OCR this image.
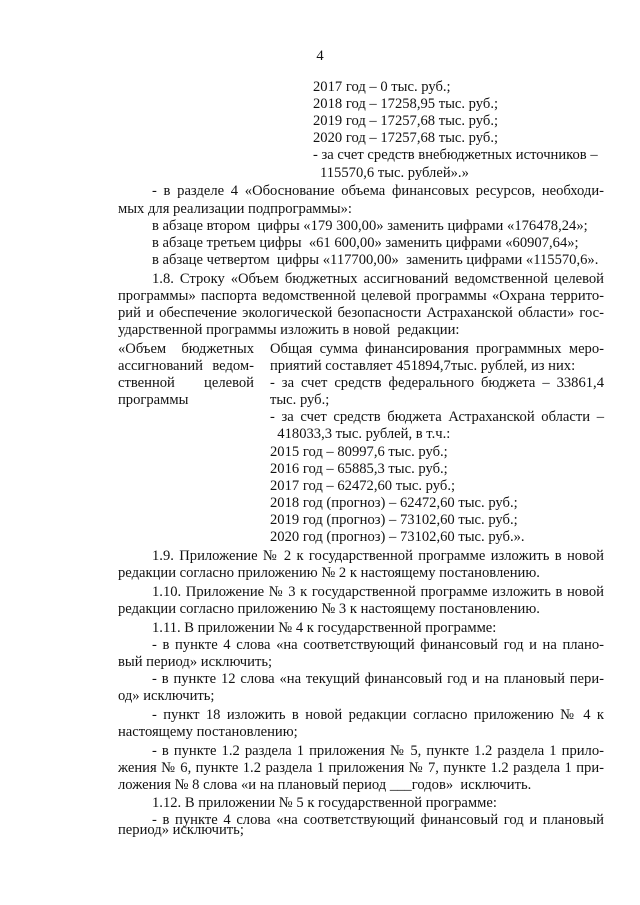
4
2017 год – 0 тыс. руб.;
2018 год – 17258,95 тыс. руб.;
2019 год – 17257,68 тыс. руб.;
2020 год – 17257,68 тыс. руб.;
- за счет средств внебюджетных источников –
115570,6 тыс. рублей».»
- в разделе 4 «Обоснование объема финансовых ресурсов, необходи-
мых для реализации подпрограммы»:
в абзаце втором  цифры «179 300,00» заменить цифрами «176478,24»;
в абзаце третьем цифры  «61 600,00» заменить цифрами «60907,64»;
в абзаце четвертом  цифры «117700,00»  заменить цифрами «115570,6».
1.8. Строку «Объем бюджетных ассигнований ведомственной целевой
программы» паспорта ведомственной целевой программы «Охрана террито-
рий и обеспечение экологической безопасности Астраханской области» гос-
ударственной программы изложить в новой  редакции:
«Объем бюджетных
ассигнований ведом-
ственной целевой
программы
Общая сумма финансирования программных меро-
приятий составляет 451894,7тыс. рублей, из них:
- за счет средств федерального бюджета – 33861,4
тыс. руб.;
- за счет средств бюджета Астраханской области –
418033,3 тыс. рублей, в т.ч.:
2015 год – 80997,6 тыс. руб.;
2016 год – 65885,3 тыс. руб.;
2017 год – 62472,60 тыс. руб.;
2018 год (прогноз) – 62472,60 тыс. руб.;
2019 год (прогноз) – 73102,60 тыс. руб.;
2020 год (прогноз) – 73102,60 тыс. руб.».
1.9. Приложение № 2 к государственной программе изложить в новой
редакции согласно приложению № 2 к настоящему постановлению.
1.10. Приложение № 3 к государственной программе изложить в новой
редакции согласно приложению № 3 к настоящему постановлению.
1.11. В приложении № 4 к государственной программе:
- в пункте 4 слова «на соответствующий финансовый год и на плано-
вый период» исключить;
- в пункте 12 слова «на текущий финансовый год и на плановый пери-
од» исключить;
- пункт 18 изложить в новой редакции согласно приложению № 4 к
настоящему постановлению;
- в пункте 1.2 раздела 1 приложения № 5, пункте 1.2 раздела 1 прило-
жения № 6, пункте 1.2 раздела 1 приложения № 7, пункте 1.2 раздела 1 при-
ложения № 8 слова «и на плановый период ___годов»  исключить.
1.12. В приложении № 5 к государственной программе:
- в пункте 4 слова «на соответствующий финансовый год и плановый
период» исключить;
